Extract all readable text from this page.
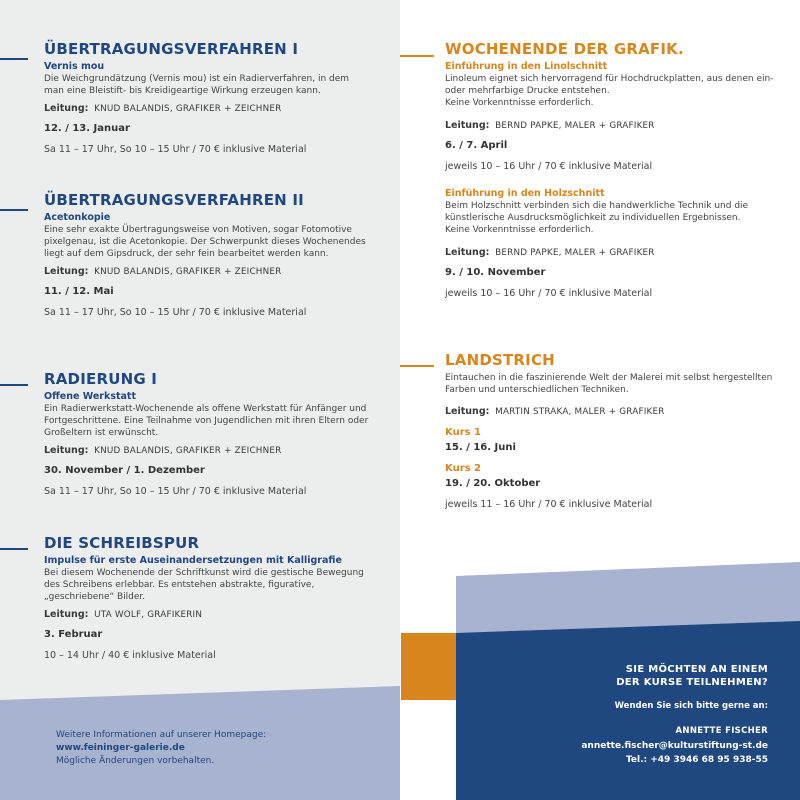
ÜBERTRAGUNGSVERFAHREN I
Vernis mou
Die Weichgrundätzung (Vernis mou) ist ein Radierverfahren, in dem man eine Bleistift- bis Kreidigeartige Wirkung erzeugen kann.
Leitung: KNUD BALANDIS, GRAFIKER + ZEICHNER
12. / 13. Januar
Sa 11 – 17 Uhr, So 10 – 15 Uhr / 70 € inklusive Material
ÜBERTRAGUNGSVERFAHREN II
Acetonkopie
Eine sehr exakte Übertragungsweise von Motiven, sogar Fotomotive pixelgenau, ist die Acetonkopie. Der Schwerpunkt dieses Wochenendes liegt auf dem Gipsdruck, der sehr fein bearbeitet werden kann.
Leitung: KNUD BALANDIS, GRAFIKER + ZEICHNER
11. / 12. Mai
Sa 11 – 17 Uhr, So 10 – 15 Uhr / 70 € inklusive Material
RADIERUNG I
Offene Werkstatt
Ein Radierwerkstatt-Wochenende als offene Werkstatt für Anfänger und Fortgeschrittene. Eine Teilnahme von Jugendlichen mit ihren Eltern oder Großeltern ist erwünscht.
Leitung: KNUD BALANDIS, GRAFIKER + ZEICHNER
30. November / 1. Dezember
Sa 11 – 17 Uhr, So 10 – 15 Uhr / 70 € inklusive Material
DIE SCHREIBSPUR
Impulse für erste Auseinandersetzungen mit Kalligrafie
Bei diesem Wochenende der Schriftkunst wird die gestische Bewegung des Schreibens erlebbar. Es entstehen abstrakte, figurative, „geschriebene“ Bilder.
Leitung: UTA WOLF, GRAFIKERIN
3. Februar
10 – 14 Uhr / 40 € inklusive Material
WOCHENENDE DER GRAFIK.
Einführung in den Linolschnitt
Linoleum eignet sich hervorragend für Hochdruckplatten, aus denen ein- oder mehrfarbige Drucke entstehen.
Keine Vorkenntnisse erforderlich.
Leitung: BERND PAPKE, MALER + GRAFIKER
6. / 7. April
jeweils 10 – 16 Uhr / 70 € inklusive Material
Einführung in den Holzschnitt
Beim Holzschnitt verbinden sich die handwerkliche Technik und die künstlerische Ausdrucksmöglichkeit zu individuellen Ergebnissen.
Keine Vorkenntnisse erforderlich.
Leitung: BERND PAPKE, MALER + GRAFIKER
9. / 10. November
jeweils 10 – 16 Uhr / 70 € inklusive Material
LANDSTRICH
Eintauchen in die faszinierende Welt der Malerei mit selbst hergestellten Farben und unterschiedlichen Techniken.
Leitung: MARTIN STRAKA, MALER + GRAFIKER
Kurs 1
15. / 16. Juni
Kurs 2
19. / 20. Oktober
jeweils 11 – 16 Uhr / 70 € inklusive Material
Weitere Informationen auf unserer Homepage:
www.feininger-galerie.de
Mögliche Änderungen vorbehalten.
SIE MÖCHTEN AN EINEM
DER KURSE TEILNEHMEN?
Wenden Sie sich bitte gerne an:
ANNETTE FISCHER
annette.fischer@kulturstiftung-st.de
Tel.: +49 3946 68 95 938-55
